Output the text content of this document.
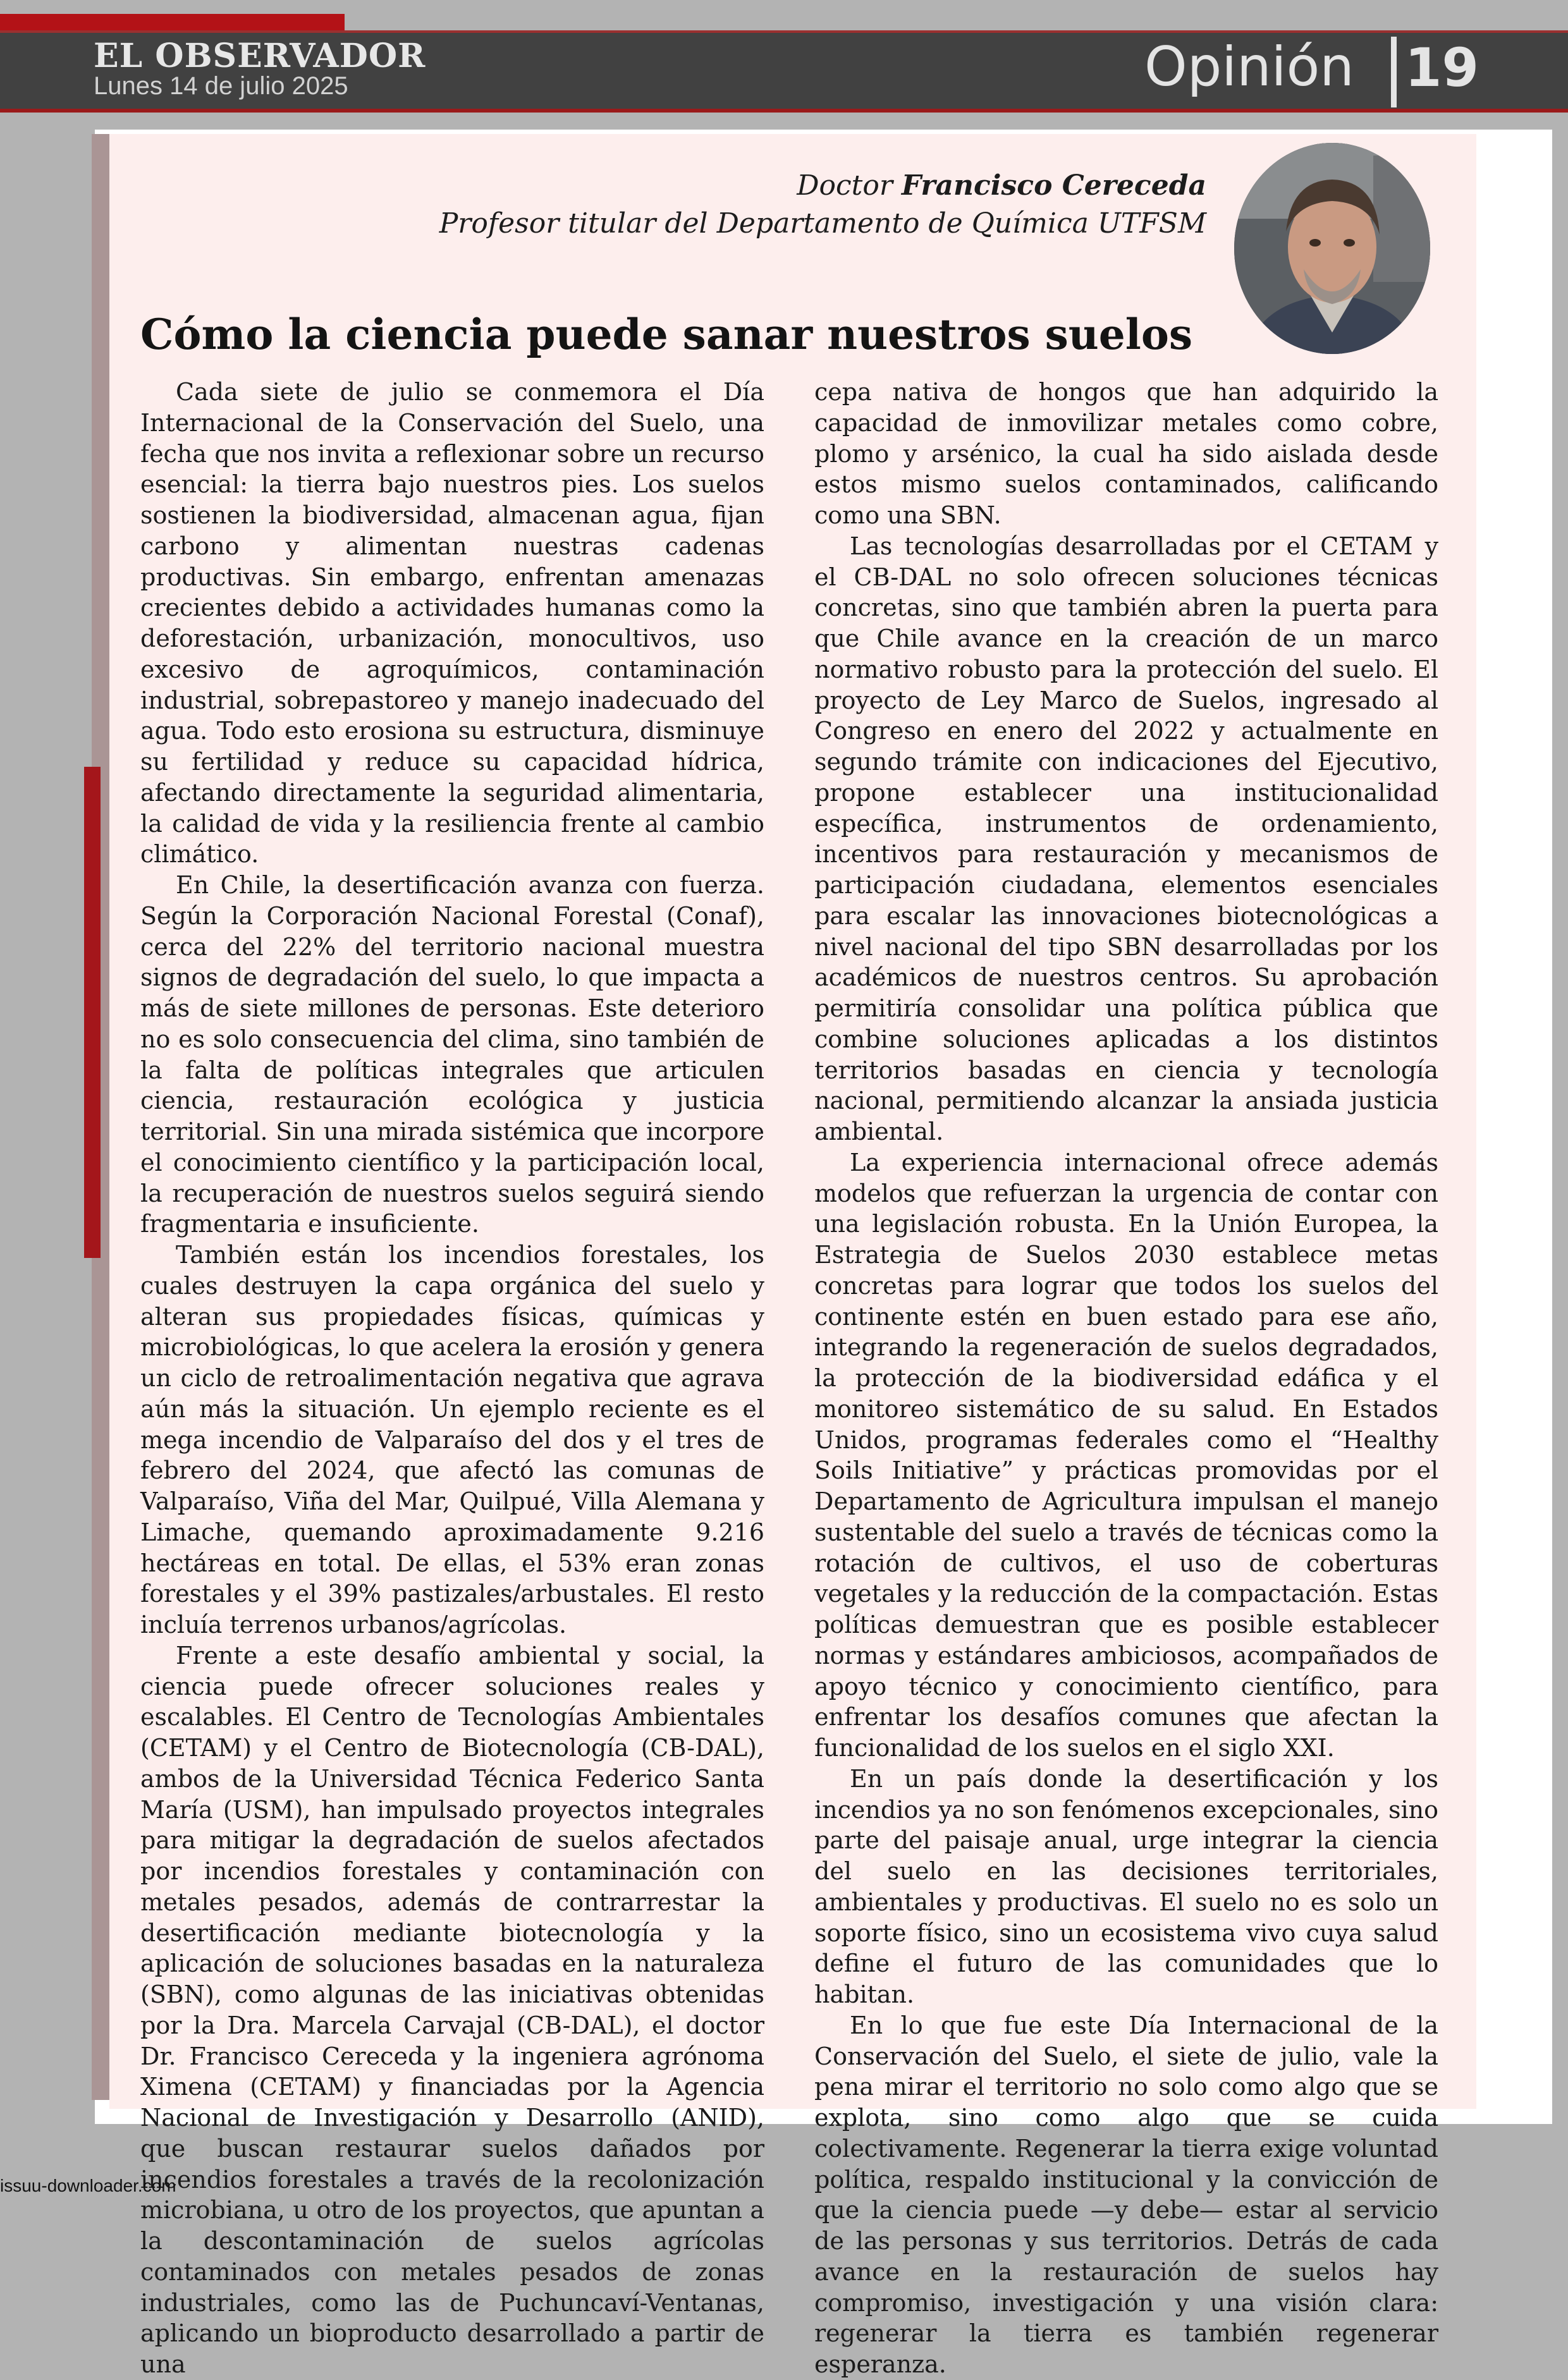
EL OBSERVADOR
Lunes 14 de julio 2025	Opinión 19
Doctor Francisco Cereceda
Profesor titular del Departamento de Química UTFSM
Cómo la ciencia puede sanar nuestros suelos

Cada siete de julio se conmemora el Día Internacional de la Conservación del Suelo, una fecha que nos invita a reflexionar sobre un recurso esencial: la tierra bajo nuestros pies. Los suelos sostienen la biodiversidad, almacenan agua, fijan carbono y alimentan nuestras cadenas productivas. Sin embargo, enfrentan amenazas crecientes debido a actividades humanas como la deforestación, urbanización, monocultivos, uso excesivo de agroquímicos, contaminación industrial, sobrepastoreo y manejo inadecuado del agua. Todo esto erosiona su estructura, disminuye su fertilidad y reduce su capacidad hídrica, afectando directamente la seguridad alimentaria, la calidad de vida y la resiliencia frente al cambio climático.

En Chile, la desertificación avanza con fuerza. Según la Corporación Nacional Forestal (Conaf), cerca del 22% del territorio nacional muestra signos de degradación del suelo, lo que impacta a más de siete millones de personas. Este deterioro no es solo consecuencia del clima, sino también de la falta de políticas integrales que articulen ciencia, restauración ecológica y justicia territorial. Sin una mirada sistémica que incorpore el conocimiento científico y la participación local, la recuperación de nuestros suelos seguirá siendo fragmentaria e insuficiente.

También están los incendios forestales, los cuales destruyen la capa orgánica del suelo y alteran sus propiedades físicas, químicas y microbiológicas, lo que acelera la erosión y genera un ciclo de retroalimentación negativa que agrava aún más la situación. Un ejemplo reciente es el mega incendio de Valparaíso del dos y el tres de febrero del 2024, que afectó las comunas de Valparaíso, Viña del Mar, Quilpué, Villa Alemana y Limache, quemando aproximadamente 9.216 hectáreas en total. De ellas, el 53% eran zonas forestales y el 39% pastizales/arbustales. El resto incluía terrenos urbanos/agrícolas.

Frente a este desafío ambiental y social, la ciencia puede ofrecer soluciones reales y escalables. El Centro de Tecnologías Ambientales (CETAM) y el Centro de Biotecnología (CB-DAL), ambos de la Universidad Técnica Federico Santa María (USM), han impulsado proyectos integrales para mitigar la degradación de suelos afectados por incendios forestales y contaminación con metales pesados, además de contrarrestar la desertificación mediante biotecnología y la aplicación de soluciones basadas en la naturaleza (SBN), como algunas de las iniciativas obtenidas por la Dra. Marcela Carvajal (CB-DAL), el doctor Dr. Francisco Cereceda y la ingeniera agrónoma Ximena (CETAM) y financiadas por la Agencia Nacional de Investigación y Desarrollo (ANID), que buscan restaurar suelos dañados por incendios forestales a través de la recolonización microbiana, u otro de los proyectos, que apuntan a la descontaminación de suelos agrícolas contaminados con metales pesados de zonas industriales, como las de Puchuncaví-Ventanas, aplicando un bioproducto desarrollado a partir de una

cepa nativa de hongos que han adquirido la capacidad de inmovilizar metales como cobre, plomo y arsénico, la cual ha sido aislada desde estos mismo suelos contaminados, calificando como una SBN.

Las tecnologías desarrolladas por el CETAM y el CB-DAL no solo ofrecen soluciones técnicas concretas, sino que también abren la puerta para que Chile avance en la creación de un marco normativo robusto para la protección del suelo. El proyecto de Ley Marco de Suelos, ingresado al Congreso en enero del 2022 y actualmente en segundo trámite con indicaciones del Ejecutivo, propone establecer una institucionalidad específica, instrumentos de ordenamiento, incentivos para restauración y mecanismos de participación ciudadana, elementos esenciales para escalar las innovaciones biotecnológicas a nivel nacional del tipo SBN desarrolladas por los académicos de nuestros centros. Su aprobación permitiría consolidar una política pública que combine soluciones aplicadas a los distintos territorios basadas en ciencia y tecnología nacional, permitiendo alcanzar la ansiada justicia ambiental.

La experiencia internacional ofrece además modelos que refuerzan la urgencia de contar con una legislación robusta. En la Unión Europea, la Estrategia de Suelos 2030 establece metas concretas para lograr que todos los suelos del continente estén en buen estado para ese año, integrando la regeneración de suelos degradados, la protección de la biodiversidad edáfica y el monitoreo sistemático de su salud. En Estados Unidos, programas federales como el “Healthy Soils Initiative” y prácticas promovidas por el Departamento de Agricultura impulsan el manejo sustentable del suelo a través de técnicas como la rotación de cultivos, el uso de coberturas vegetales y la reducción de la compactación. Estas políticas demuestran que es posible establecer normas y estándares ambiciosos, acompañados de apoyo técnico y conocimiento científico, para enfrentar los desafíos comunes que afectan la funcionalidad de los suelos en el siglo XXI.

En un país donde la desertificación y los incendios ya no son fenómenos excepcionales, sino parte del paisaje anual, urge integrar la ciencia del suelo en las decisiones territoriales, ambientales y productivas. El suelo no es solo un soporte físico, sino un ecosistema vivo cuya salud define el futuro de las comunidades que lo habitan.

En lo que fue este Día Internacional de la Conservación del Suelo, el siete de julio, vale la pena mirar el territorio no solo como algo que se explota, sino como algo que se cuida colectivamente. Regenerar la tierra exige voluntad política, respaldo institucional y la convicción de que la ciencia puede —y debe— estar al servicio de las personas y sus territorios. Detrás de cada avance en la restauración de suelos hay compromiso, investigación y una visión clara: regenerar la tierra es también regenerar esperanza.

issuu-downloader.com
